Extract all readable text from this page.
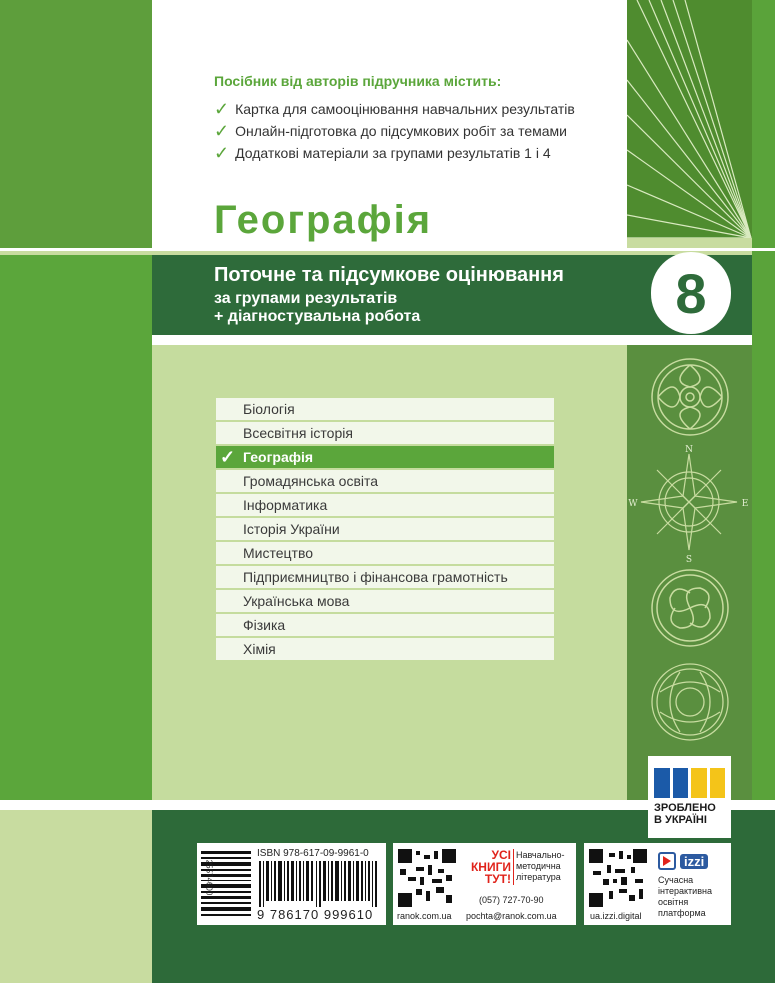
Посібник від авторів підручника містить:
✓ Картка для самооцінювання навчальних результатів
✓ Онлайн-підготовка до підсумкових робіт за темами
✓ Додаткові матеріали за групами результатів 1 і 4
Географія
Поточне та підсумкове оцінювання
за групами результатів
+ діагностувальна робота	8
Біологія
Всесвітня історія
✓ Географія
Громадянська освіта
Інформатика
Історія України
Мистецтво
Підприємництво і фінансова грамотність
Українська мова
Фізика
Хімія
N
E
S
W
ЗРОБЛЕНО
В УКРАЇНІ
25574600
ISBN 978-617-09-9961-0
9 786170 999610
УСІ
КНИГИ
ТУТ!
Навчально-
методична
література
(057) 727-70-90
ranok.com.ua pochta@ranok.com.ua
izzi
Сучасна
інтерактивна
освітня
платформа
ua.izzi.digital
